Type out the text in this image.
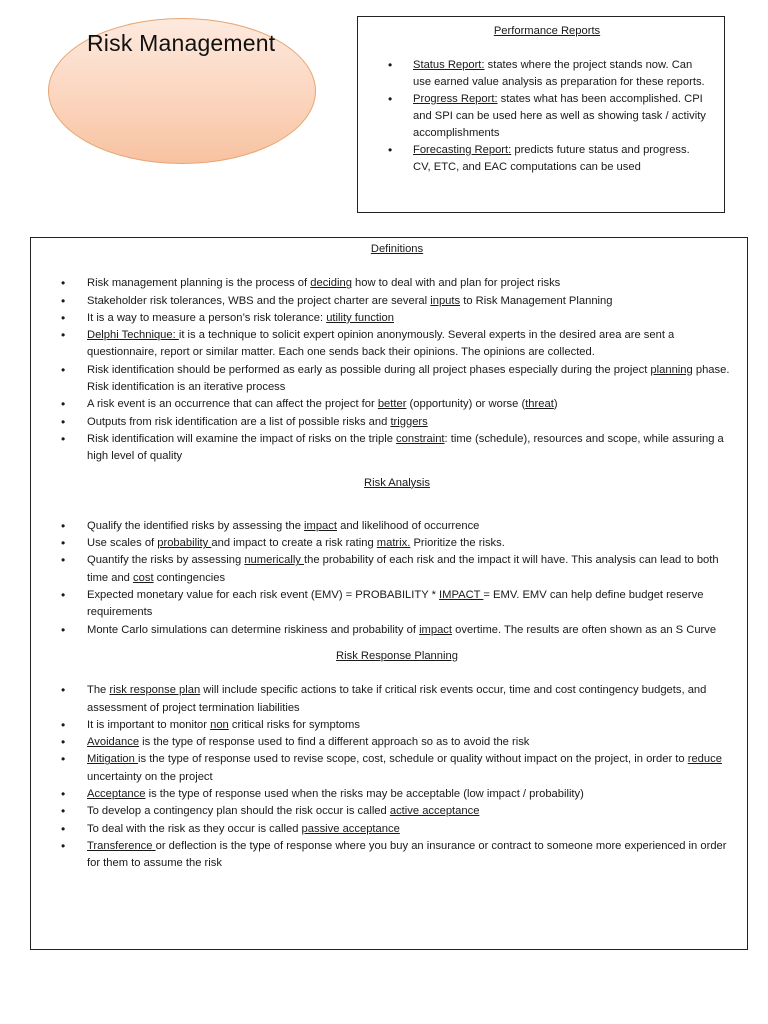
Risk Management	Performance Reports
• Status Report: states where the project stands now. Can use earned value analysis as preparation for these reports.
• Progress Report: states what has been accomplished. CPI and SPI can be used here as well as showing task / activity accomplishments
• Forecasting Report: predicts future status and progress. CV, ETC, and EAC computations can be used
Definitions
• Risk management planning is the process of deciding how to deal with and plan for project risks
• Stakeholder risk tolerances, WBS and the project charter are several inputs to Risk Management Planning
• It is a way to measure a person’s risk tolerance: utility function
• Delphi Technique: it is a technique to solicit expert opinion anonymously. Several experts in the desired area are sent a questionnaire, report or similar matter. Each one sends back their opinions. The opinions are collected.
• Risk identification should be performed as early as possible during all project phases especially during the project planning phase. Risk identification is an iterative process
• A risk event is an occurrence that can affect the project for better (opportunity) or worse (threat)
• Outputs from risk identification are a list of possible risks and triggers
• Risk identification will examine the impact of risks on the triple constraint: time (schedule), resources and scope, while assuring a high level of quality
Risk Analysis
• Qualify the identified risks by assessing the impact and likelihood of occurrence
• Use scales of probability and impact to create a risk rating matrix. Prioritize the risks.
• Quantify the risks by assessing numerically the probability of each risk and the impact it will have. This analysis can lead to both time and cost contingencies
• Expected monetary value for each risk event (EMV) = PROBABILITY * IMPACT = EMV. EMV can help define budget reserve requirements
• Monte Carlo simulations can determine riskiness and probability of impact overtime. The results are often shown as an S Curve
Risk Response Planning
• The risk response plan will include specific actions to take if critical risk events occur, time and cost contingency budgets, and assessment of project termination liabilities
• It is important to monitor non critical risks for symptoms
• Avoidance is the type of response used to find a different approach so as to avoid the risk
• Mitigation is the type of response used to revise scope, cost, schedule or quality without impact on the project, in order to reduce uncertainty on the project
• Acceptance is the type of response used when the risks may be acceptable (low impact / probability)
• To develop a contingency plan should the risk occur is called active acceptance
• To deal with the risk as they occur is called passive acceptance
• Transference or deflection is the type of response where you buy an insurance or contract to someone more experienced in order for them to assume the risk
